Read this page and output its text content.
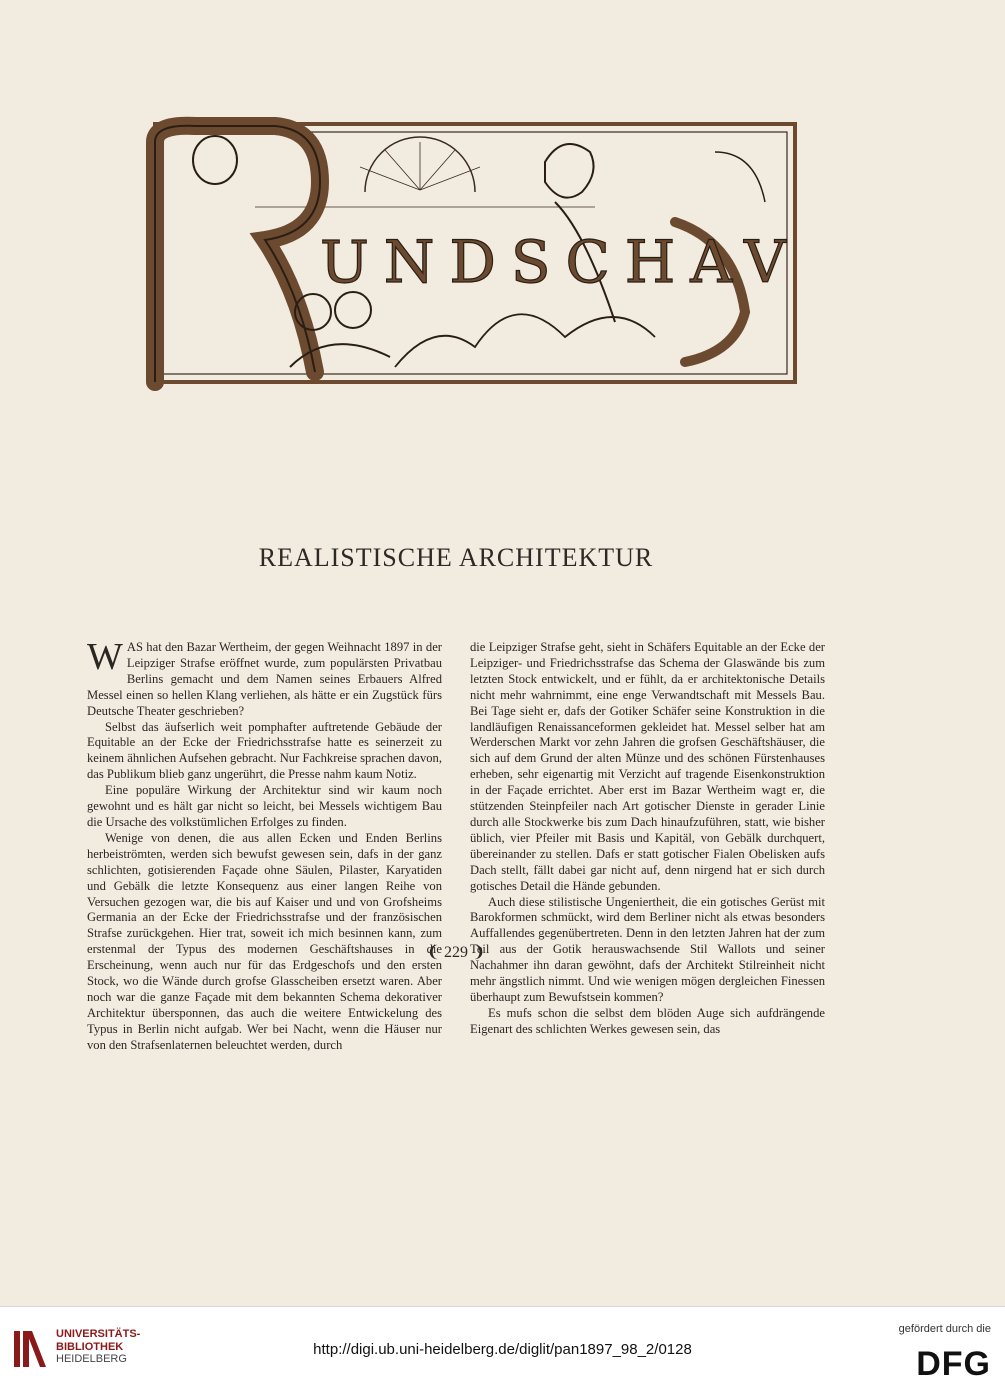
UNDSCHAV
REALISTISCHE ARCHITEKTUR

WAS hat den Bazar Wertheim, der gegen Weihnacht 1897 in der Leipziger Strafse eröffnet wurde, zum populärsten Privatbau Berlins gemacht und dem Namen seines Erbauers Alfred Messel einen so hellen Klang verliehen, als hätte er ein Zugstück fürs Deutsche Theater geschrieben?

Selbst das äufserlich weit pomphafter auftretende Gebäude der Equitable an der Ecke der Friedrichsstrafse hatte es seinerzeit zu keinem ähnlichen Aufsehen gebracht. Nur Fachkreise sprachen davon, das Publikum blieb ganz ungerührt, die Presse nahm kaum Notiz.

Eine populäre Wirkung der Architektur sind wir kaum noch gewohnt und es hält gar nicht so leicht, bei Messels wichtigem Bau die Ursache des volkstümlichen Erfolges zu finden.

Wenige von denen, die aus allen Ecken und Enden Berlins herbeiströmten, werden sich bewufst gewesen sein, dafs in der ganz schlichten, gotisierenden Façade ohne Säulen, Pilaster, Karyatiden und Gebälk die letzte Konsequenz aus einer langen Reihe von Versuchen gezogen war, die bis auf Kaiser und und von Grofsheims Germania an der Ecke der Friedrichsstrafse und der französischen Strafse zurückgehen. Hier trat, soweit ich mich besinnen kann, zum erstenmal der Typus des modernen Geschäftshauses in die Erscheinung, wenn auch nur für das Erdgeschofs und den ersten Stock, wo die Wände durch grofse Glasscheiben ersetzt waren. Aber noch war die ganze Façade mit dem bekannten Schema dekorativer Architektur übersponnen, das auch die weitere Entwickelung des Typus in Berlin nicht aufgab. Wer bei Nacht, wenn die Häuser nur von den Strafsenlaternen beleuchtet werden, durch

die Leipziger Strafse geht, sieht in Schäfers Equitable an der Ecke der Leipziger- und Friedrichsstrafse das Schema der Glaswände bis zum letzten Stock entwickelt, und er fühlt, da er architektonische Details nicht mehr wahrnimmt, eine enge Verwandtschaft mit Messels Bau. Bei Tage sieht er, dafs der Gotiker Schäfer seine Konstruktion in die landläufigen Renaissanceformen gekleidet hat. Messel selber hat am Werderschen Markt vor zehn Jahren die grofsen Geschäftshäuser, die sich auf dem Grund der alten Münze und des schönen Fürstenhauses erheben, sehr eigenartig mit Verzicht auf tragende Eisenkonstruktion in der Façade errichtet. Aber erst im Bazar Wertheim wagt er, die stützenden Steinpfeiler nach Art gotischer Dienste in gerader Linie durch alle Stockwerke bis zum Dach hinaufzuführen, statt, wie bisher üblich, vier Pfeiler mit Basis und Kapitäl, von Gebälk durchquert, übereinander zu stellen. Dafs er statt gotischer Fialen Obelisken aufs Dach stellt, fällt dabei gar nicht auf, denn nirgend hat er sich durch gotisches Detail die Hände gebunden.

Auch diese stilistische Ungeniertheit, die ein gotisches Gerüst mit Barokformen schmückt, wird dem Berliner nicht als etwas besonders Auffallendes gegenübertreten. Denn in den letzten Jahren hat der zum Teil aus der Gotik herauswachsende Stil Wallots und seiner Nachahmer ihn daran gewöhnt, dafs der Architekt Stilreinheit nicht mehr ängstlich nimmt. Und wie wenigen mögen dergleichen Finessen überhaupt zum Bewufstsein kommen?

Es mufs schon die selbst dem blöden Auge sich aufdrängende Eigenart des schlichten Werkes gewesen sein, das

❨ 229 ❩
UNIVERSITÄTS-
BIBLIOTHEK
HEIDELBERG
http://digi.ub.uni-heidelberg.de/diglit/pan1897_98_2/0128
gefördert durch die
DFG
